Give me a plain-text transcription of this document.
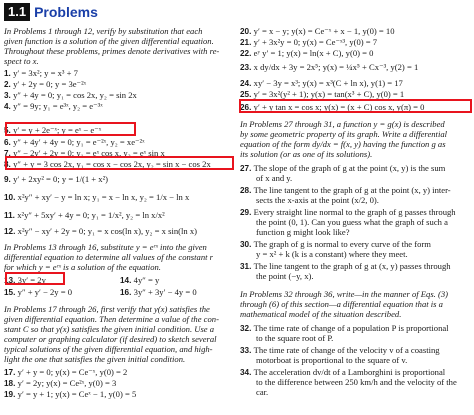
1.1 Problems
In Problems 1 through 12, verify by substitution that each
given function is a solution of the given differential equation.
Throughout these problems, primes denote derivatives with re-
spect to x.
1. y′ = 3x²; y = x³ + 7
2. y′ + 2y = 0; y = 3e⁻²ˣ
3. y″ + 4y = 0; y₁ = cos 2x, y₂ = sin 2x
4. y″ = 9y; y₁ = e³ˣ, y₂ = e⁻³ˣ
5. y′ = y + 2e⁻ˣ; y = eˣ − e⁻ˣ
6. y″ + 4y′ + 4y = 0; y₁ = e⁻²ˣ, y₂ = xe⁻²ˣ
7. y″ − 2y′ + 2y = 0; y₁ = eˣ cos x, y₂ = eˣ sin x
8. y″ + y = 3 cos 2x, y₁ = cos x − cos 2x, y₂ = sin x − cos 2x
9. y′ + 2xy² = 0; y = 1/(1 + x²)
10. x²y″ + xy′ − y = ln x; y₁ = x − ln x, y₂ = 1/x − ln x
11. x²y″ + 5xy′ + 4y = 0; y₁ = 1/x², y₂ = ln x/x²
12. x²y″ − xy′ + 2y = 0; y₁ = x cos(ln x), y₂ = x sin(ln x)
In Problems 13 through 16, substitute y = eʳˣ into the given
differential equation to determine all values of the constant r
for which y = eʳˣ is a solution of the equation.
13. 3y′ = 2y	14. 4y″ = y
15. y″ + y′ − 2y = 0	16. 3y″ + 3y′ − 4y = 0
In Problems 17 through 26, first verify that y(x) satisfies the
given differential equation. Then determine a value of the con-
stant C so that y(x) satisfies the given initial condition. Use a
computer or graphing calculator (if desired) to sketch several
typical solutions of the given differential equation, and high-
light the one that satisfies the given initial condition.
17. y′ + y = 0; y(x) = Ce⁻ˣ, y(0) = 2
18. y′ = 2y; y(x) = Ce²ˣ, y(0) = 3
19. y′ = y + 1; y(x) = Ceˣ − 1, y(0) = 5
20. y′ = x − y; y(x) = Ce⁻ˣ + x − 1, y(0) = 10
21. y′ + 3x²y = 0; y(x) = Ce⁻ˣ³, y(0) = 7
22. eʸ y′ = 1; y(x) = ln(x + C), y(0) = 0
23. x dy/dx + 3y = 2x⁵; y(x) = ¼x⁵ + Cx⁻³, y(2) = 1
24. xy′ − 3y = x³; y(x) = x³(C + ln x), y(1) = 17
25. y′ = 3x²(y² + 1); y(x) = tan(x³ + C), y(0) = 1
26. y′ + y tan x = cos x; y(x) = (x + C) cos x, y(π) = 0
In Problems 27 through 31, a function y = g(x) is described
by some geometric property of its graph. Write a differential
equation of the form dy/dx = f(x, y) having the function g as
its solution (or as one of its solutions).
27. The slope of the graph of g at the point (x, y) is the sum
of x and y.
28. The line tangent to the graph of g at the point (x, y) inter-
sects the x-axis at the point (x/2, 0).
29. Every straight line normal to the graph of g passes through
the point (0, 1). Can you guess what the graph of such a
function g might look like?
30. The graph of g is normal to every curve of the form
y = x² + k (k is a constant) where they meet.
31. The line tangent to the graph of g at (x, y) passes through
the point (−y, x).
In Problems 32 through 36, write—in the manner of Eqs. (3)
through (6) of this section—a differential equation that is a
mathematical model of the situation described.
32. The time rate of change of a population P is proportional
to the square root of P.
33. The time rate of change of the velocity v of a coasting
motorboat is proportional to the square of v.
34. The acceleration dv/dt of a Lamborghini is proportional
to the difference between 250 km/h and the velocity of the
car.
